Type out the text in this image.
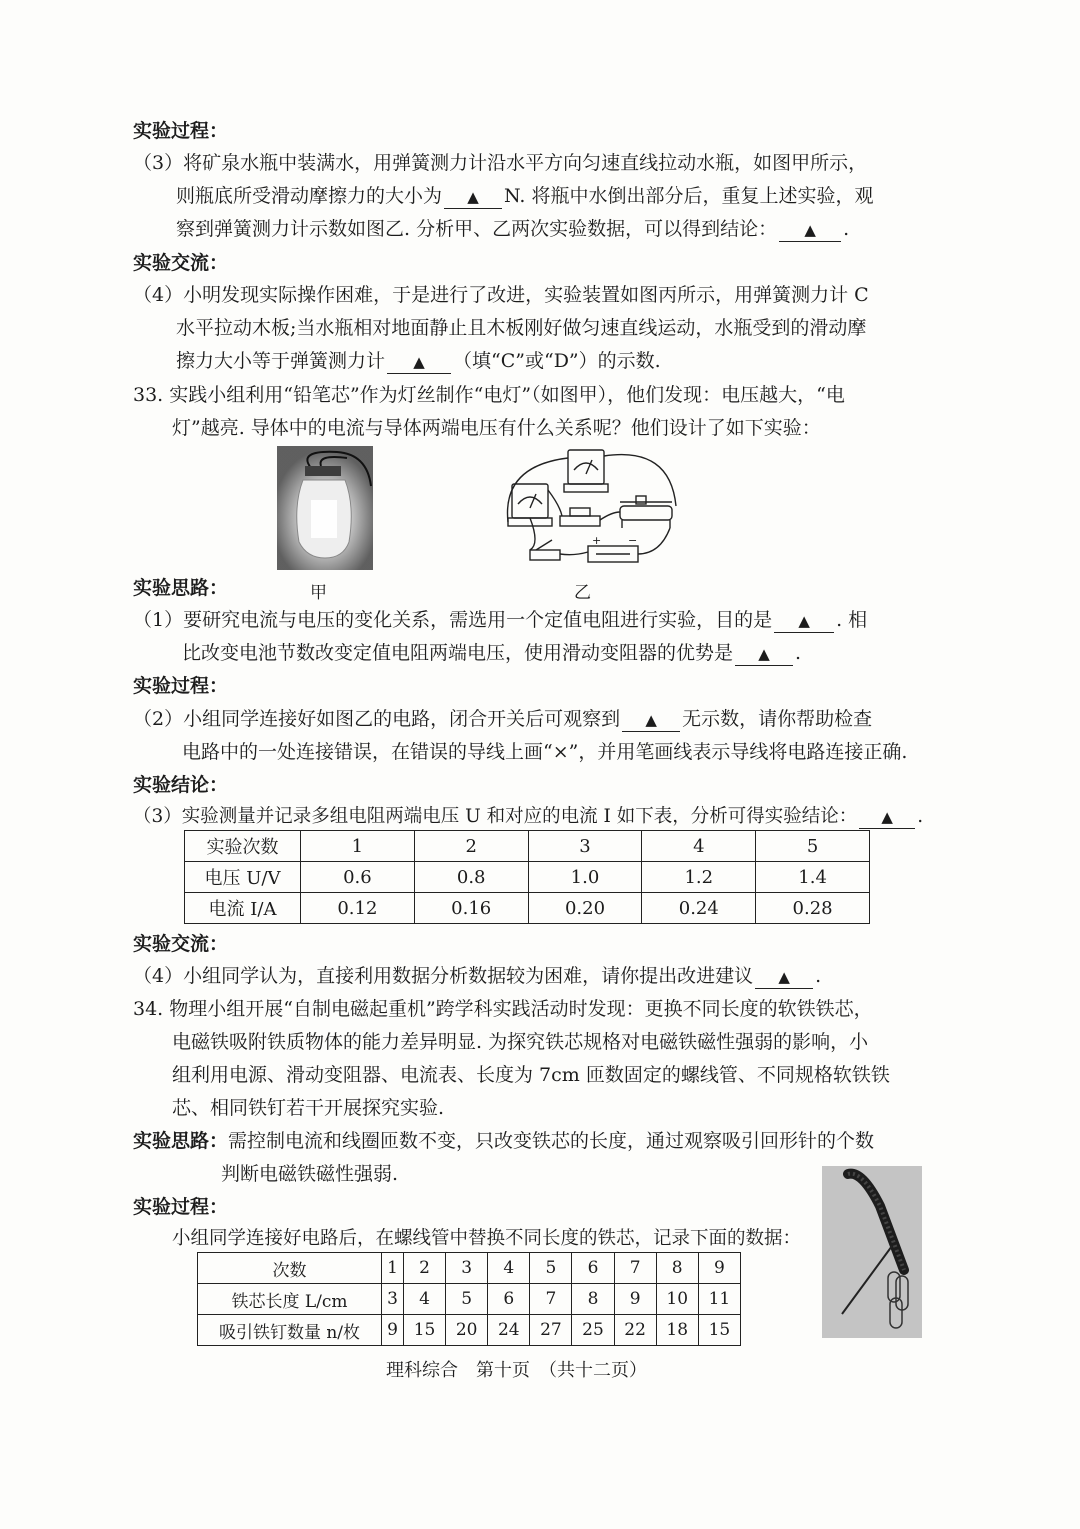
实验过程：
（3）将矿泉水瓶中装满水，用弹簧测力计沿水平方向匀速直线拉动水瓶，如图甲所示，
则瓶底所受滑动摩擦力的大小为 ▲ N. 将瓶中水倒出部分后，重复上述实验，观
察到弹簧测力计示数如图乙. 分析甲、乙两次实验数据，可以得到结论： ▲ .
实验交流：
（4）小明发现实际操作困难，于是进行了改进，实验装置如图丙所示，用弹簧测力计 C
水平拉动木板;当水瓶相对地面静止且木板刚好做匀速直线运动，水瓶受到的滑动摩
擦力大小等于弹簧测力计 ▲ （填“C”或“D”）的示数.
33. 实践小组利用“铅笔芯”作为灯丝制作“电灯”（如图甲），他们发现：电压越大，“电
灯”越亮. 导体中的电流与导体两端电压有什么关系呢？他们设计了如下实验：
甲
+ −
乙
实验思路：
（1）要研究电流与电压的变化关系，需选用一个定值电阻进行实验，目的是 ▲ . 相
比改变电池节数改变定值电阻两端电压，使用滑动变阻器的优势是 ▲ .
实验过程：
（2）小组同学连接好如图乙的电路，闭合开关后可观察到 ▲ 无示数，请你帮助检查
电路中的一处连接错误，在错误的导线上画“×”，并用笔画线表示导线将电路连接正确.
实验结论：
（3）实验测量并记录多组电阻两端电压 U 和对应的电流 I 如下表，分析可得实验结论： ▲ .
实验次数	1	2	3	4	5
电压 U/V	0.6	0.8	1.0	1.2	1.4
电流 I/A	0.12	0.16	0.20	0.24	0.28
实验交流：
（4）小组同学认为，直接利用数据分析数据较为困难，请你提出改进建议 ▲ .
34. 物理小组开展“自制电磁起重机”跨学科实践活动时发现：更换不同长度的软铁铁芯，
电磁铁吸附铁质物体的能力差异明显. 为探究铁芯规格对电磁铁磁性强弱的影响，小
组利用电源、滑动变阻器、电流表、长度为 7cm 匝数固定的螺线管、不同规格软铁铁
芯、相同铁钉若干开展探究实验.
实验思路：需控制电流和线圈匝数不变，只改变铁芯的长度，通过观察吸引回形针的个数
判断电磁铁磁性强弱.
实验过程：
小组同学连接好电路后，在螺线管中替换不同长度的铁芯，记录下面的数据：
次数	1	2	3	4	5	6	7	8	9
铁芯长度 L/cm	3	4	5	6	7	8	9	10	11
吸引铁钉数量 n/枚	9	15	20	24	27	25	22	18	15
理科综合　第十页　（共十二页）
